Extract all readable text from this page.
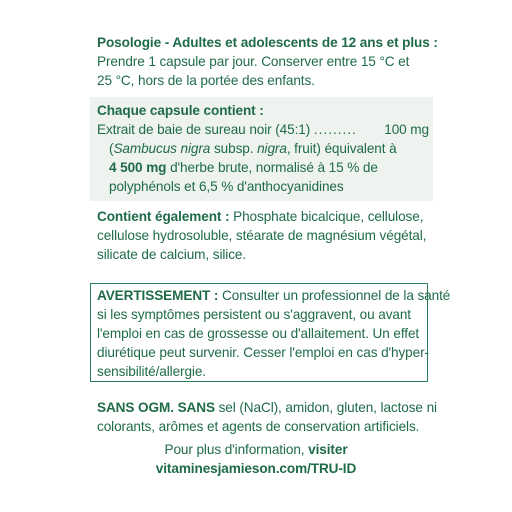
Posologie - Adultes et adolescents de 12 ans et plus :

Prendre 1 capsule par jour. Conserver entre 15 °C et

25 °C, hors de la portée des enfants.

Chaque capsule contient :

Extrait de baie de sureau noir (45:1) ......... 100 mg

(Sambucus nigra subsp. nigra, fruit) équivalent à

4 500 mg d'herbe brute, normalisé à 15 % de

polyphénols et 6,5 % d'anthocyanidines

Contient également : Phosphate bicalcique, cellulose,

cellulose hydrosoluble, stéarate de magnésium végétal,

silicate de calcium, silice.

AVERTISSEMENT : Consulter un professionnel de la santé

si les symptômes persistent ou s'aggravent, ou avant

l'emploi en cas de grossesse ou d'allaitement. Un effet

diurétique peut survenir. Cesser l'emploi en cas d'hyper-

sensibilité/allergie.

SANS OGM. SANS sel (NaCl), amidon, gluten, lactose ni

colorants, arômes et agents de conservation artificiels.

Pour plus d'information, visiter

vitaminesjamieson.com/TRU-ID
